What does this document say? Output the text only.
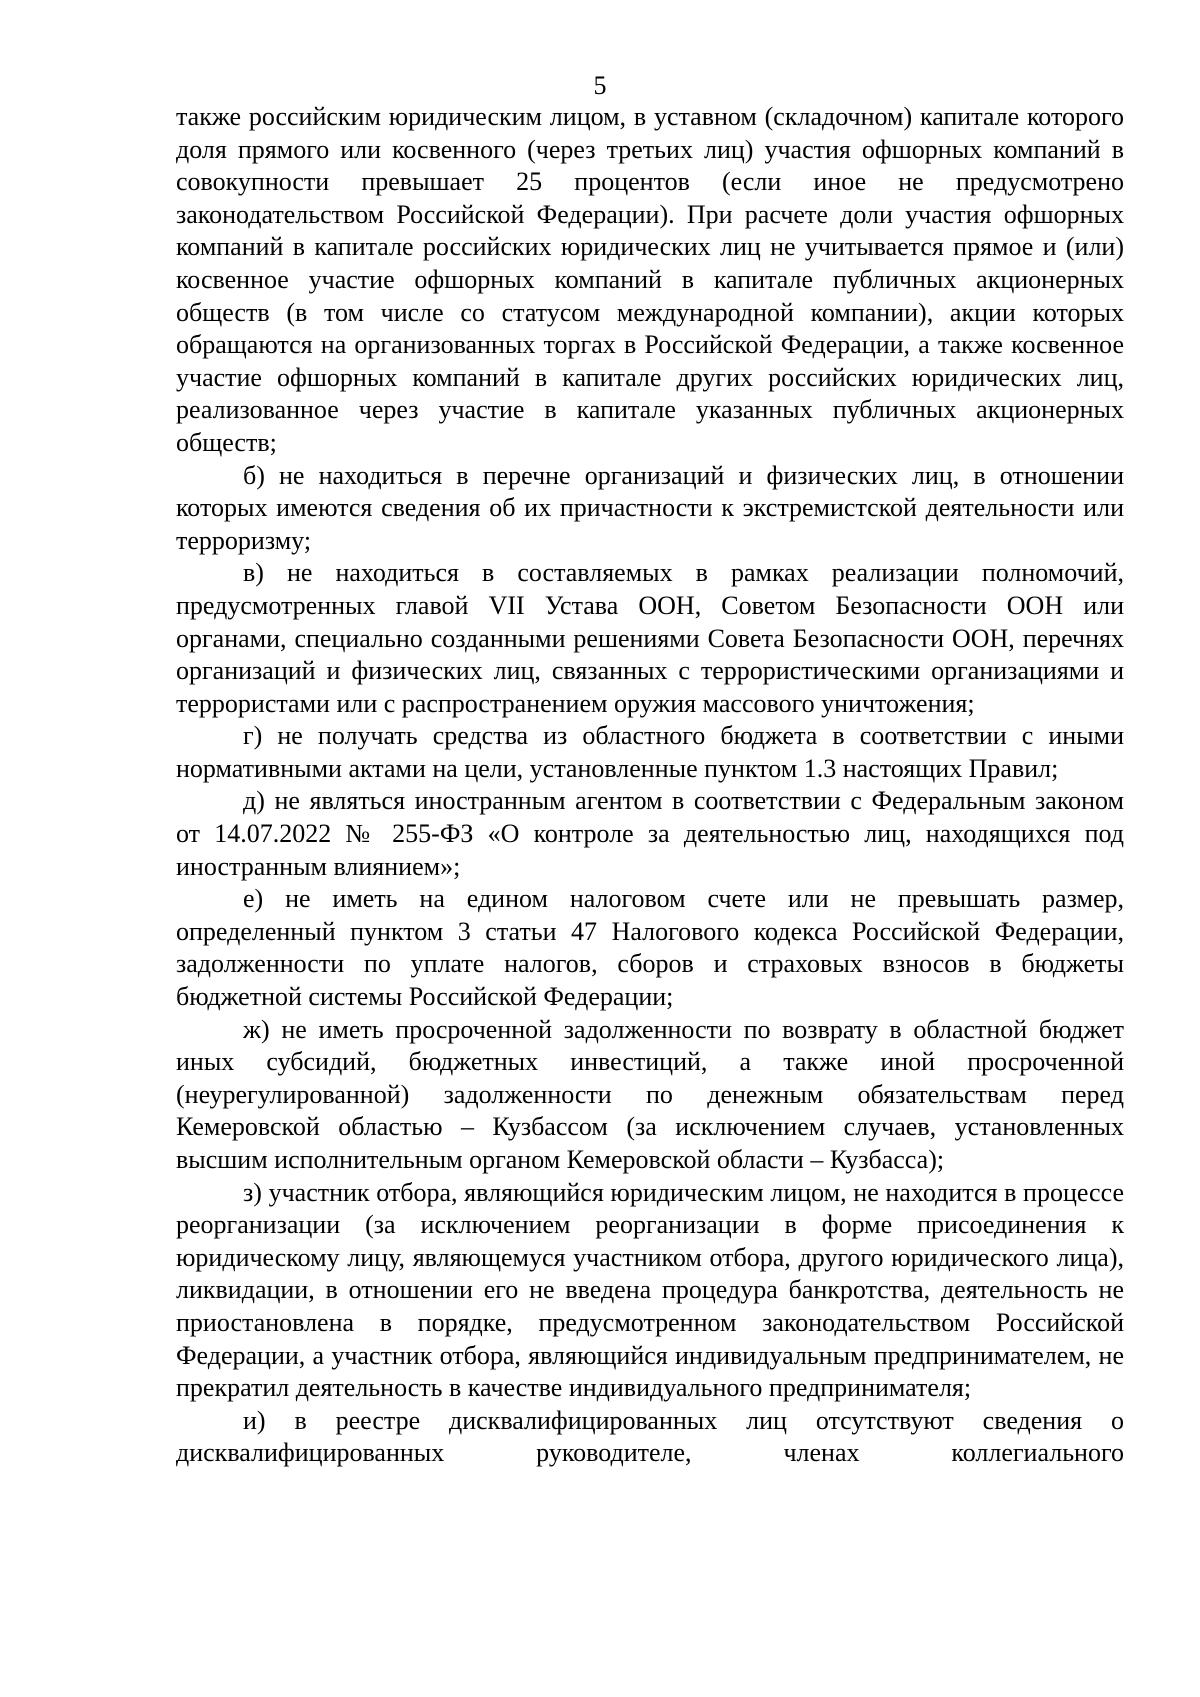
5

также российским юридическим лицом, в уставном (складочном) капитале которого доля прямого или косвенного (через третьих лиц) участия офшорных компаний в совокупности превышает 25 процентов (если иное не предусмотрено законодательством Российской Федерации). При расчете доли участия офшорных компаний в капитале российских юридических лиц не учитывается прямое и (или) косвенное участие офшорных компаний в капитале публичных акционерных обществ (в том числе со статусом международной компании), акции которых обращаются на организованных торгах в Российской Федерации, а также косвенное участие офшорных компаний в капитале других российских юридических лиц, реализованное через участие в капитале указанных публичных акционерных обществ;

б) не находиться в перечне организаций и физических лиц, в отношении которых имеются сведения об их причастности к экстремистской деятельности или терроризму;

в) не находиться в составляемых в рамках реализации полномочий, предусмотренных главой VII Устава ООН, Советом Безопасности ООН или органами, специально созданными решениями Совета Безопасности ООН, перечнях организаций и физических лиц, связанных с террористическими организациями и террористами или с распространением оружия массового уничтожения;

г) не получать средства из областного бюджета в соответствии с иными нормативными актами на цели, установленные пунктом 1.3 настоящих Правил;

д) не являться иностранным агентом в соответствии с Федеральным законом от 14.07.2022 № 255-ФЗ «О контроле за деятельностью лиц, находящихся под иностранным влиянием»;

е) не иметь на едином налоговом счете или не превышать размер, определенный пунктом 3 статьи 47 Налогового кодекса Российской Федерации, задолженности по уплате налогов, сборов и страховых взносов в бюджеты бюджетной системы Российской Федерации;

ж) не иметь просроченной задолженности по возврату в областной бюджет иных субсидий, бюджетных инвестиций, а также иной просроченной (неурегулированной) задолженности по денежным обязательствам перед Кемеровской областью – Кузбассом (за исключением случаев, установленных высшим исполнительным органом Кемеровской области – Кузбасса);

з) участник отбора, являющийся юридическим лицом, не находится в процессе реорганизации (за исключением реорганизации в форме присоединения к юридическому лицу, являющемуся участником отбора, другого юридического лица), ликвидации, в отношении его не введена процедура банкротства, деятельность не приостановлена в порядке, предусмотренном законодательством Российской Федерации, а участник отбора, являющийся индивидуальным предпринимателем, не прекратил деятельность в качестве индивидуального предпринимателя;

и) в реестре дисквалифицированных лиц отсутствуют сведения о дисквалифицированных руководителе, членах коллегиального
